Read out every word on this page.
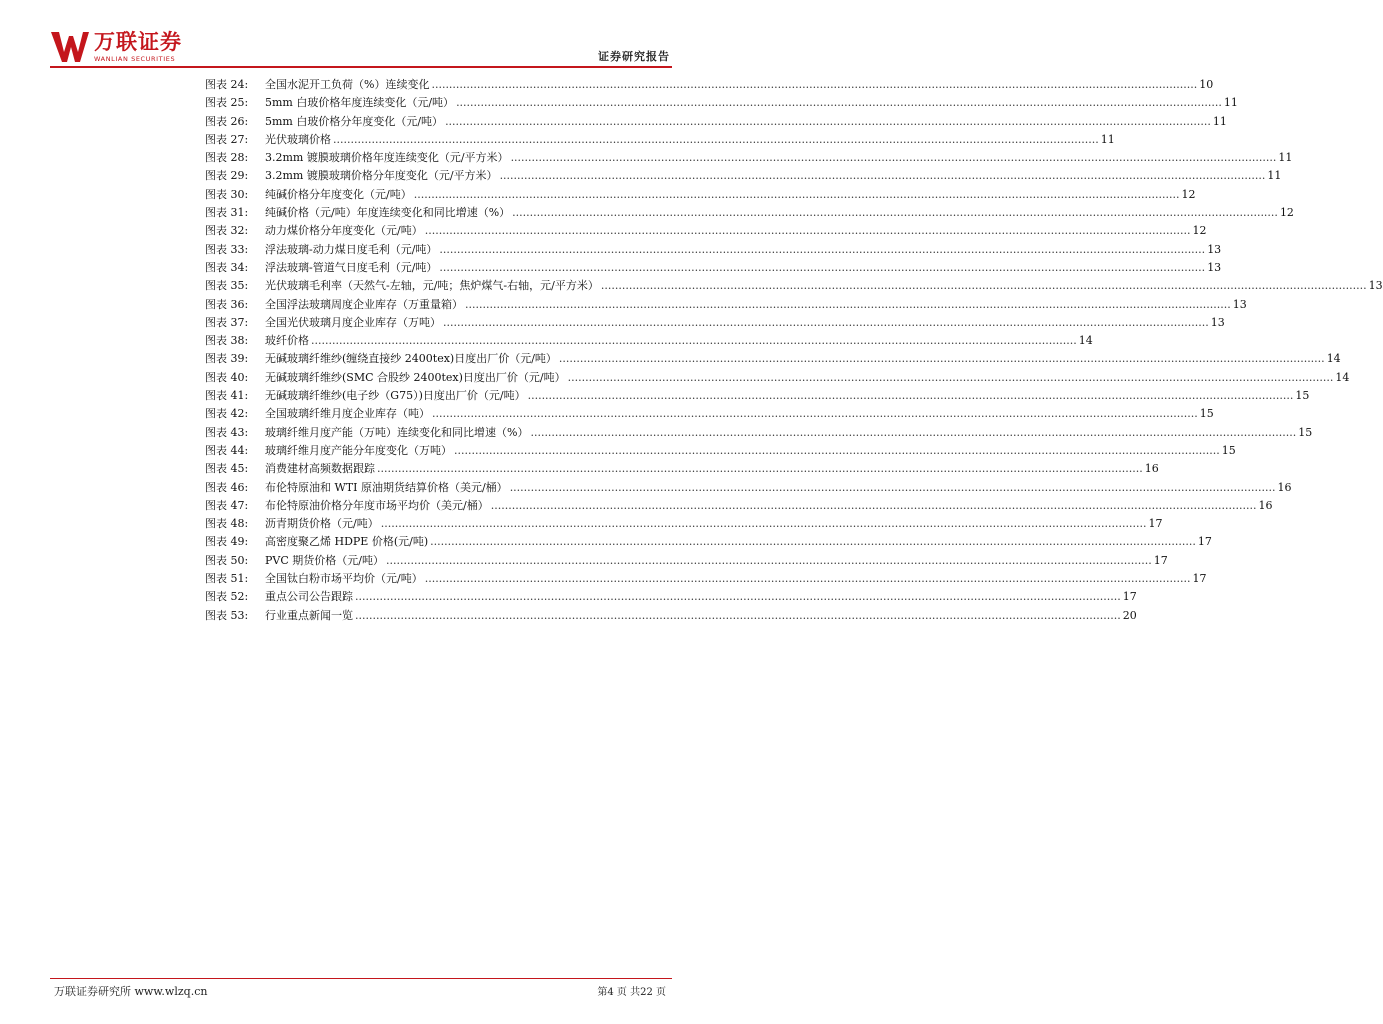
万联证券
WANLIAN SECURITIES	证券研究报告
图表 24:	全国水泥开工负荷（%）连续变化 .....	10
图表 25:	5mm 白玻价格年度连续变化（元/吨） .....	11
图表 26:	5mm 白玻价格分年度变化（元/吨） .....	11
图表 27:	光伏玻璃价格 .....	11
图表 28:	3.2mm 镀膜玻璃价格年度连续变化（元/平方米） .....	11
图表 29:	3.2mm 镀膜玻璃价格分年度变化（元/平方米） .....	11
图表 30:	纯碱价格分年度变化（元/吨） .....	12
图表 31:	纯碱价格（元/吨）年度连续变化和同比增速（%） .....	12
图表 32:	动力煤价格分年度变化（元/吨） .....	12
图表 33:	浮法玻璃-动力煤日度毛利（元/吨） .....	13
图表 34:	浮法玻璃-管道气日度毛利（元/吨） .....	13
图表 35:	光伏玻璃毛利率（天然气-左轴，元/吨；焦炉煤气-右轴，元/平方米） .....	13
图表 36:	全国浮法玻璃周度企业库存（万重量箱） .....	13
图表 37:	全国光伏玻璃月度企业库存（万吨） .....	13
图表 38:	玻纤价格 .....	14
图表 39:	无碱玻璃纤维纱(缠绕直接纱 2400tex)日度出厂价（元/吨） .....	14
图表 40:	无碱玻璃纤维纱(SMC 合股纱 2400tex)日度出厂价（元/吨） .....	14
图表 41:	无碱玻璃纤维纱(电子纱（G75）)日度出厂价（元/吨） .....	15
图表 42:	全国玻璃纤维月度企业库存（吨） .....	15
图表 43:	玻璃纤维月度产能（万吨）连续变化和同比增速（%） .....	15
图表 44:	玻璃纤维月度产能分年度变化（万吨） .....	15
图表 45:	消费建材高频数据跟踪 .....	16
图表 46:	布伦特原油和 WTI 原油期货结算价格（美元/桶） .....	16
图表 47:	布伦特原油价格分年度市场平均价（美元/桶） .....	16
图表 48:	沥青期货价格（元/吨） .....	17
图表 49:	高密度聚乙烯 HDPE 价格(元/吨) .....	17
图表 50:	PVC 期货价格（元/吨） .....	17
图表 51:	全国钛白粉市场平均价（元/吨） .....	17
图表 52:	重点公司公告跟踪 .....	17
图表 53:	行业重点新闻一览 .....	20
万联证券研究所 www.wlzq.cn	第4 页 共22 页
